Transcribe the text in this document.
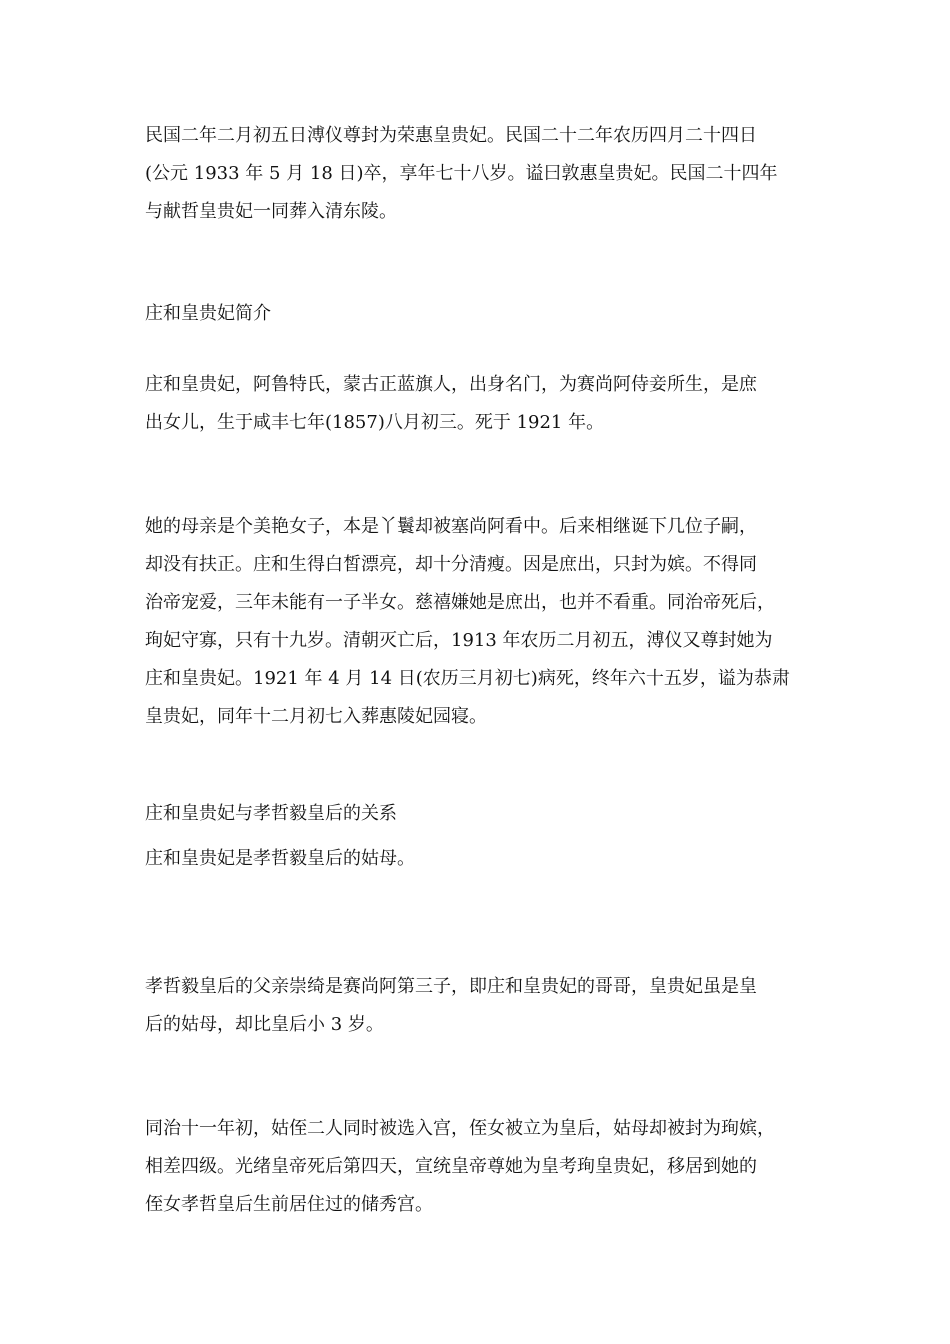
民国二年二月初五日溥仪尊封为荣惠皇贵妃。民国二十二年农历四月二十四日
(公元 1933 年 5 月 18 日)卒，享年七十八岁。谥曰敦惠皇贵妃。民国二十四年
与献哲皇贵妃一同葬入清东陵。
庄和皇贵妃简介
庄和皇贵妃，阿鲁特氏，蒙古正蓝旗人，出身名门，为赛尚阿侍妾所生，是庶
出女儿，生于咸丰七年(1857)八月初三。死于 1921 年。
她的母亲是个美艳女子，本是丫鬟却被塞尚阿看中。后来相继诞下几位子嗣，
却没有扶正。庄和生得白皙漂亮，却十分清瘦。因是庶出，只封为嫔。不得同
治帝宠爱，三年未能有一子半女。慈禧嫌她是庶出，也并不看重。同治帝死后，
珣妃守寡，只有十九岁。清朝灭亡后，1913 年农历二月初五，溥仪又尊封她为
庄和皇贵妃。1921 年 4 月 14 日(农历三月初七)病死，终年六十五岁，谥为恭肃
皇贵妃，同年十二月初七入葬惠陵妃园寝。
庄和皇贵妃与孝哲毅皇后的关系
庄和皇贵妃是孝哲毅皇后的姑母。
孝哲毅皇后的父亲崇绮是赛尚阿第三子，即庄和皇贵妃的哥哥，皇贵妃虽是皇
后的姑母，却比皇后小 3 岁。
同治十一年初，姑侄二人同时被选入宫，侄女被立为皇后，姑母却被封为珣嫔，
相差四级。光绪皇帝死后第四天，宣统皇帝尊她为皇考珣皇贵妃，移居到她的
侄女孝哲皇后生前居住过的储秀宫。
